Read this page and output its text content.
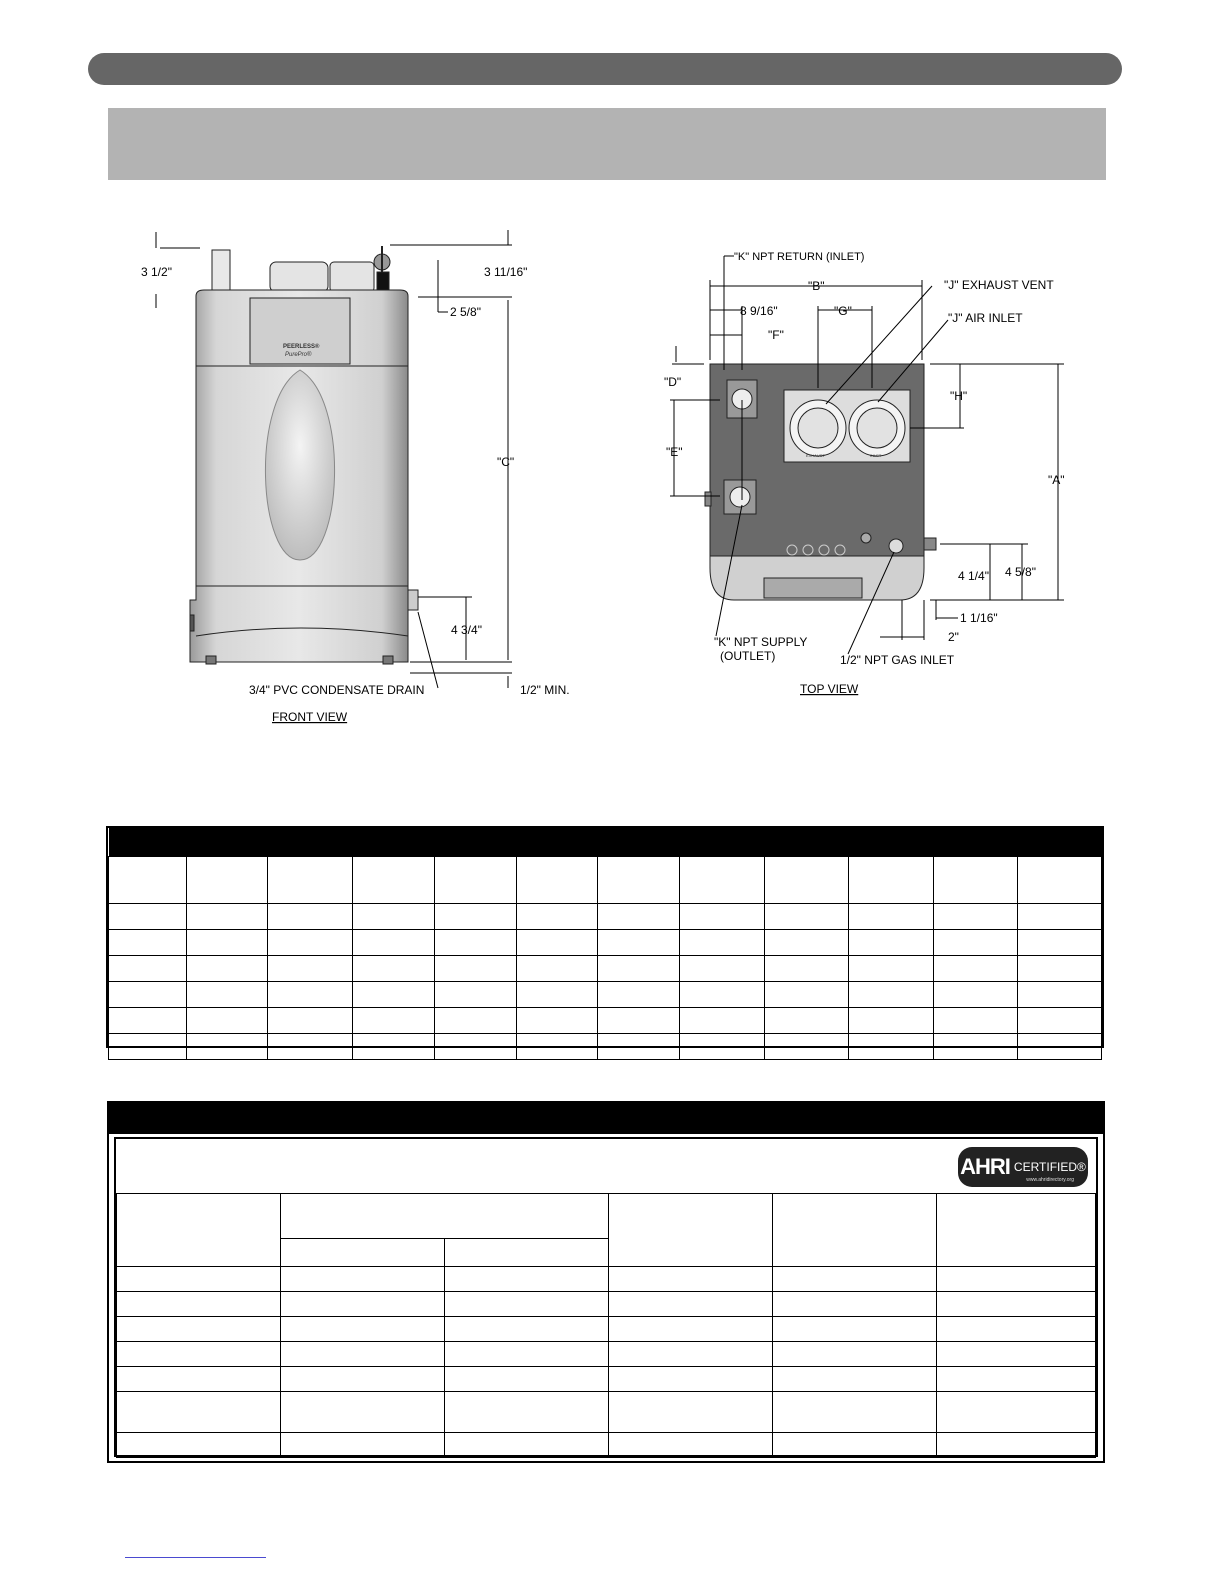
PEERLESS®
PurePro®
3 1/2"	3 11/16"
2 5/8"
"C"
4 3/4"
3/4" PVC CONDENSATE DRAIN	1/2" MIN.
FRONT VIEW
EXHAUST	INLET
"K" NPT RETURN (INLET)
"J" EXHAUST VENT
"J" AIR INLET
"B"
8 9/16"	"G"
"F"
"D"
"E"
"H"
"A"
4 1/4" 4 5/8"
1 1/16"
2"
"K" NPT SUPPLY
(OUTLET)	1/2" NPT GAS INLET
TOP VIEW

AHRI CERTIFIED®
www.ahridirectory.org
